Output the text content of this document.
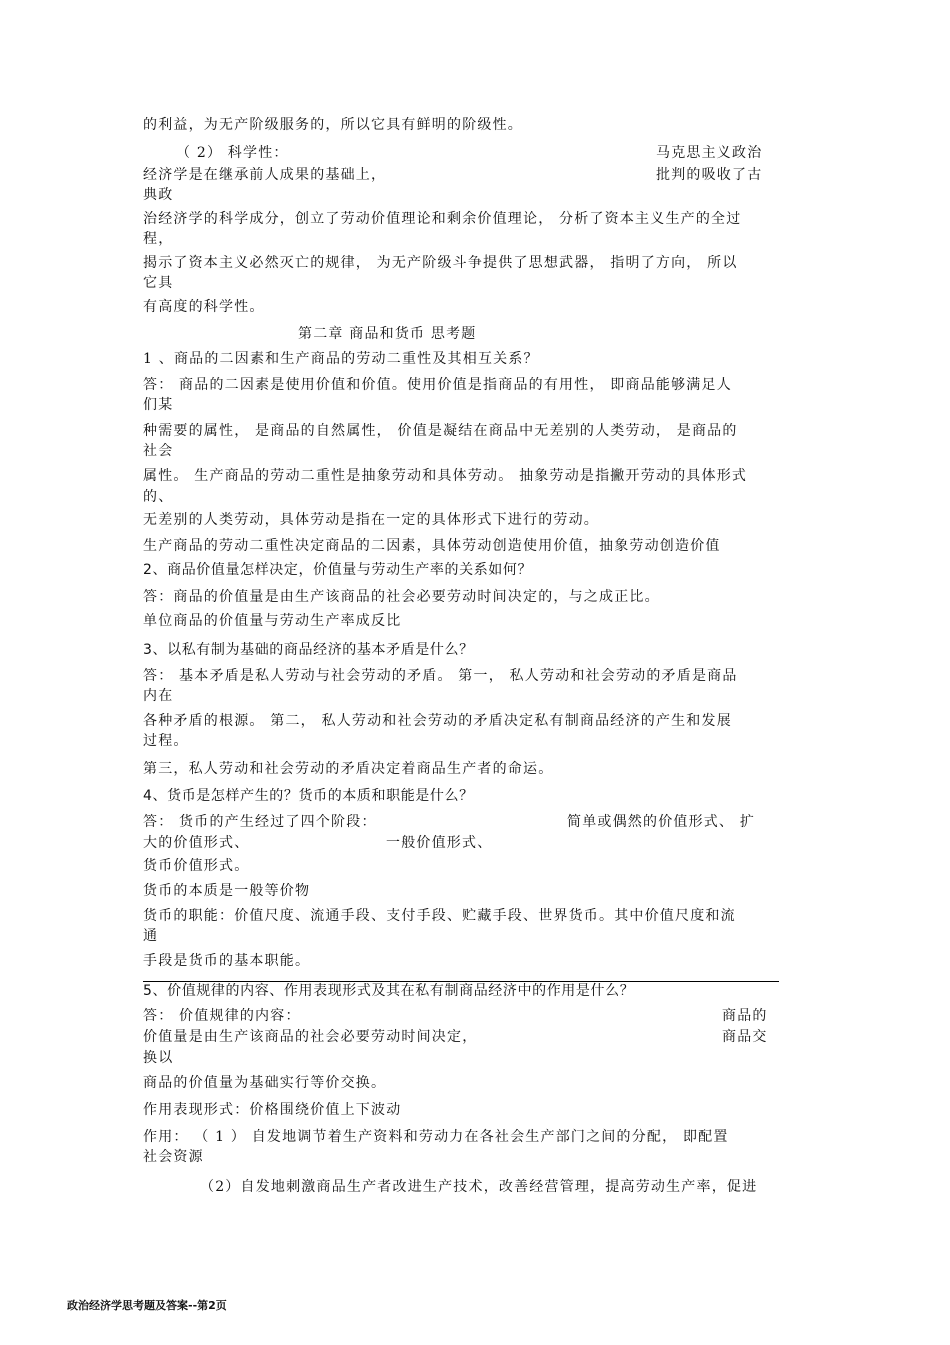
的利益，为无产阶级服务的，所以它具有鲜明的阶级性。
（ 2） 科学性：	马克思主义政治
经济学是在继承前人成果的基础上，	批判的吸收了古
典政
治经济学的科学成分，创立了劳动价值理论和剩余价值理论， 分析了资本主义生产的全过
程，
揭示了资本主义必然灭亡的规律， 为无产阶级斗争提供了思想武器， 指明了方向， 所以
它具
有高度的科学性。
第二章 商品和货币 思考题
1 、商品的二因素和生产商品的劳动二重性及其相互关系？
答： 商品的二因素是使用价值和价值。使用价值是指商品的有用性， 即商品能够满足人
们某
种需要的属性， 是商品的自然属性， 价值是凝结在商品中无差别的人类劳动， 是商品的
社会
属性。 生产商品的劳动二重性是抽象劳动和具体劳动。 抽象劳动是指撇开劳动的具体形式
的、
无差别的人类劳动，具体劳动是指在一定的具体形式下进行的劳动。
生产商品的劳动二重性决定商品的二因素，具体劳动创造使用价值，抽象劳动创造价值
2、商品价值量怎样决定，价值量与劳动生产率的关系如何？
答：商品的价值量是由生产该商品的社会必要劳动时间决定的，与之成正比。
单位商品的价值量与劳动生产率成反比
3、以私有制为基础的商品经济的基本矛盾是什么？
答： 基本矛盾是私人劳动与社会劳动的矛盾。 第一， 私人劳动和社会劳动的矛盾是商品
内在
各种矛盾的根源。 第二， 私人劳动和社会劳动的矛盾决定私有制商品经济的产生和发展
过程。
第三，私人劳动和社会劳动的矛盾决定着商品生产者的命运。
4、货币是怎样产生的？货币的本质和职能是什么？
答： 货币的产生经过了四个阶段：	简单或偶然的价值形式、 扩
大的价值形式、	一般价值形式、
货币价值形式。
货币的本质是一般等价物
货币的职能：价值尺度、流通手段、支付手段、贮藏手段、世界货币。其中价值尺度和流
通
手段是货币的基本职能。
5、价值规律的内容、作用表现形式及其在私有制商品经济中的作用是什么？
答： 价值规律的内容：	商品的
价值量是由生产该商品的社会必要劳动时间决定，	商品交
换以
商品的价值量为基础实行等价交换。
作用表现形式：价格围绕价值上下波动
作用： （ 1 ） 自发地调节着生产资料和劳动力在各社会生产部门之间的分配， 即配置
社会资源
（2）自发地刺激商品生产者改进生产技术，改善经营管理，提高劳动生产率，促进
政治经济学思考题及答案--第2页
